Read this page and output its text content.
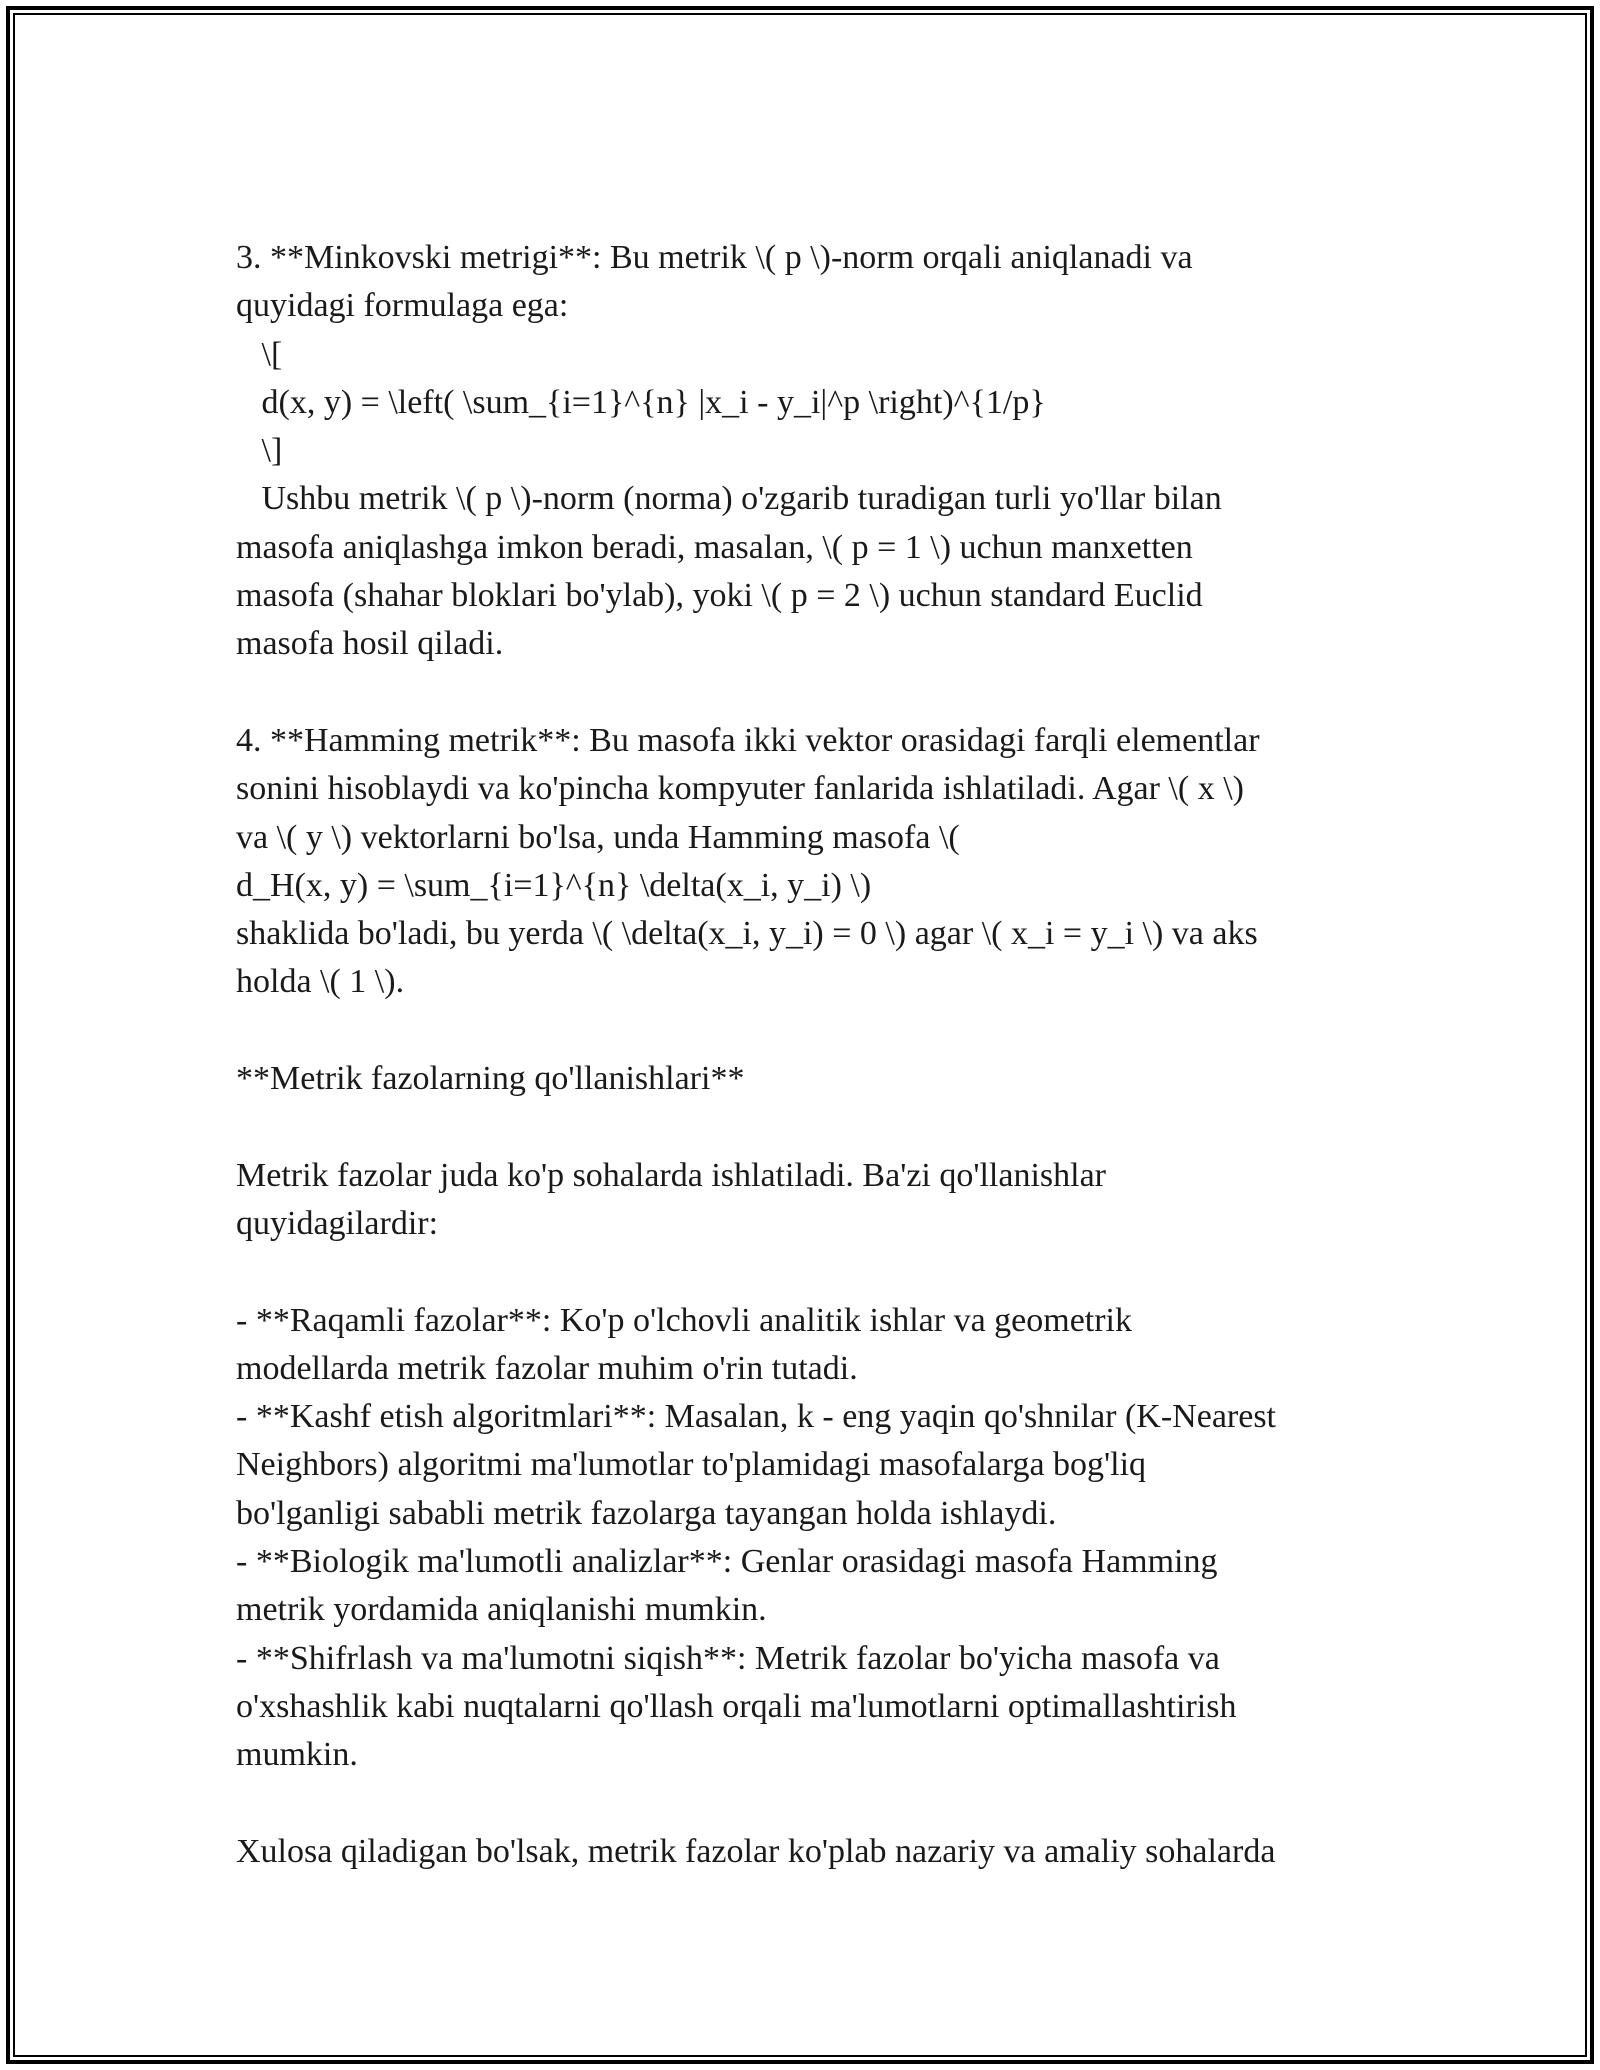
3. **Minkovski metrigi**: Bu metrik \( p \)-norm orqali aniqlanadi va
quyidagi formulaga ega:
\[
d(x, y) = \left( \sum_{i=1}^{n} |x_i - y_i|^p \right)^{1/p}
\]
Ushbu metrik \( p \)-norm (norma) o'zgarib turadigan turli yo'llar bilan
masofa aniqlashga imkon beradi, masalan, \( p = 1 \) uchun manxetten
masofa (shahar bloklari bo'ylab), yoki \( p = 2 \) uchun standard Euclid
masofa hosil qiladi.
4. **Hamming metrik**: Bu masofa ikki vektor orasidagi farqli elementlar
sonini hisoblaydi va ko'pincha kompyuter fanlarida ishlatiladi. Agar \( x \)
va \( y \) vektorlarni bo'lsa, unda Hamming masofa \(
d_H(x, y) = \sum_{i=1}^{n} \delta(x_i, y_i) \)
shaklida bo'ladi, bu yerda \( \delta(x_i, y_i) = 0 \) agar \( x_i = y_i \) va aks
holda \( 1 \).
**Metrik fazolarning qo'llanishlari**
Metrik fazolar juda ko'p sohalarda ishlatiladi. Ba'zi qo'llanishlar
quyidagilardir:
- **Raqamli fazolar**: Ko'p o'lchovli analitik ishlar va geometrik
modellarda metrik fazolar muhim o'rin tutadi.
- **Kashf etish algoritmlari**: Masalan, k - eng yaqin qo'shnilar (K-Nearest
Neighbors) algoritmi ma'lumotlar to'plamidagi masofalarga bog'liq
bo'lganligi sababli metrik fazolarga tayangan holda ishlaydi.
- **Biologik ma'lumotli analizlar**: Genlar orasidagi masofa Hamming
metrik yordamida aniqlanishi mumkin.
- **Shifrlash va ma'lumotni siqish**: Metrik fazolar bo'yicha masofa va
o'xshashlik kabi nuqtalarni qo'llash orqali ma'lumotlarni optimallashtirish
mumkin.
Xulosa qiladigan bo'lsak, metrik fazolar ko'plab nazariy va amaliy sohalarda
